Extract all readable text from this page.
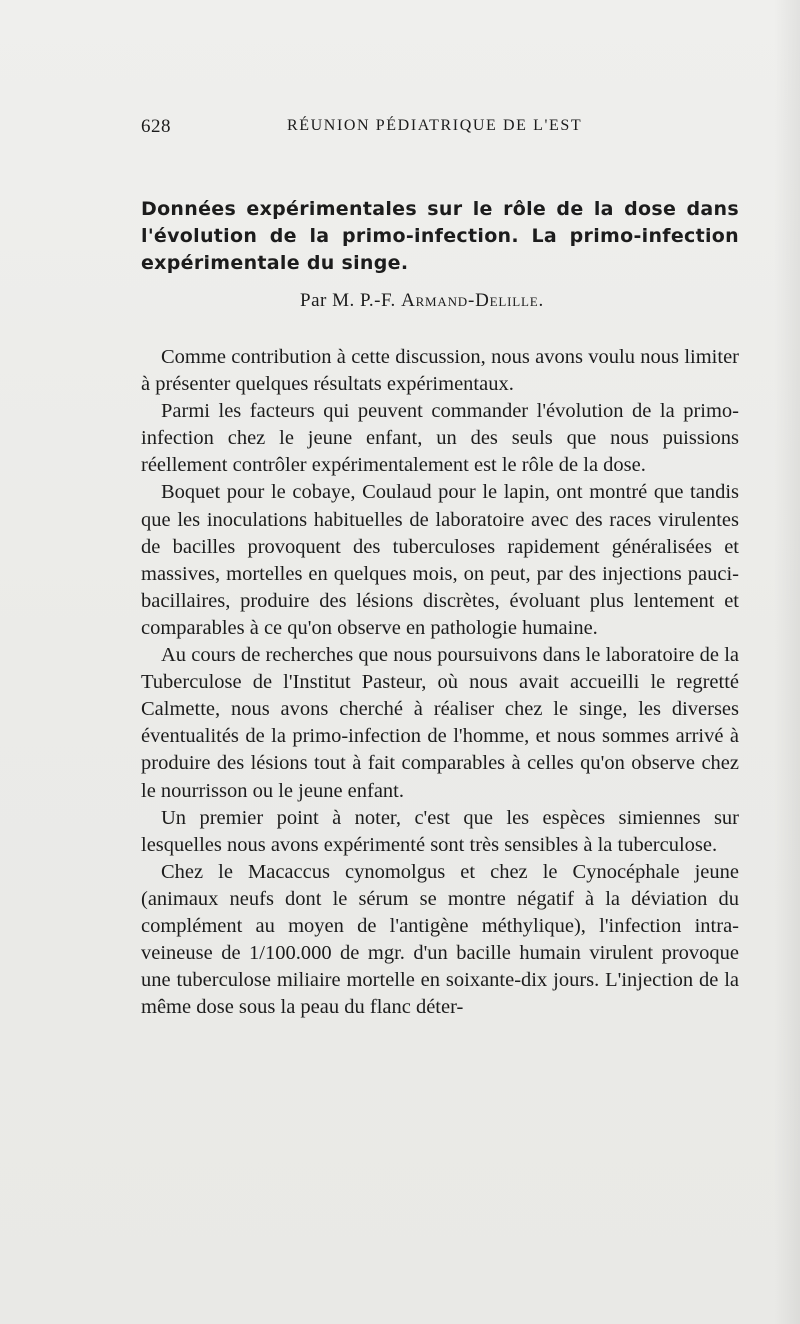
628	RÉUNION PÉDIATRIQUE DE L'EST
Données expérimentales sur le rôle de la dose dans l'évolution de la primo-infection. La primo-infection expérimentale du singe.
Par M. P.-F. Armand-Delille.

Comme contribution à cette discussion, nous avons voulu nous limiter à présenter quelques résultats expérimentaux.

Parmi les facteurs qui peuvent commander l'évolution de la primo-infection chez le jeune enfant, un des seuls que nous puissions réellement contrôler expérimentalement est le rôle de la dose.

Boquet pour le cobaye, Coulaud pour le lapin, ont montré que tandis que les inoculations habituelles de laboratoire avec des races virulentes de bacilles provoquent des tuberculoses rapidement généralisées et massives, mortelles en quelques mois, on peut, par des injections pauci-bacillaires, produire des lésions discrètes, évoluant plus lentement et comparables à ce qu'on observe en pathologie humaine.

Au cours de recherches que nous poursuivons dans le laboratoire de la Tuberculose de l'Institut Pasteur, où nous avait accueilli le regretté Calmette, nous avons cherché à réaliser chez le singe, les diverses éventualités de la primo-infection de l'homme, et nous sommes arrivé à produire des lésions tout à fait comparables à celles qu'on observe chez le nourrisson ou le jeune enfant.

Un premier point à noter, c'est que les espèces simiennes sur lesquelles nous avons expérimenté sont très sensibles à la tuberculose.

Chez le Macaccus cynomolgus et chez le Cynocéphale jeune (animaux neufs dont le sérum se montre négatif à la déviation du complément au moyen de l'antigène méthylique), l'infection intra-veineuse de 1/100.000 de mgr. d'un bacille humain virulent provoque une tuberculose miliaire mortelle en soixante-dix jours. L'injection de la même dose sous la peau du flanc déter-
